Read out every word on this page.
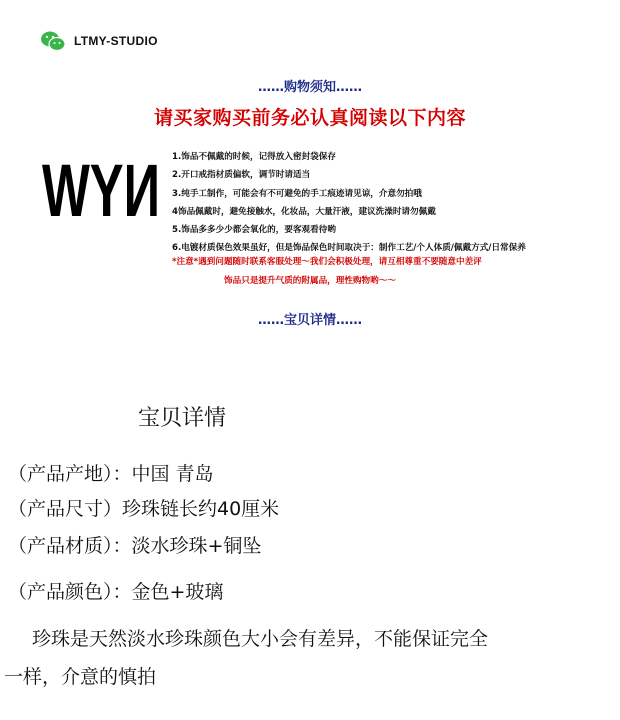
LTMY-STUDIO
……购物须知……
请买家购买前务必认真阅读以下内容
WYИ 1.饰品不佩戴的时候，记得放入密封袋保存
2.开口戒指材质偏软，调节时请适当
3.纯手工制作，可能会有不可避免的手工痕迹请见谅，介意勿拍哦
4饰品佩戴时，避免接触水，化妆品，大量汗液，建议洗澡时请勿佩戴
5.饰品多多少少都会氧化的，要客观看待哟
6.电镀材质保色效果虽好，但是饰品保色时间取决于：制作工艺/个人体质/佩戴方式/日常保养
*注意*遇到问题随时联系客服处理～我们会积极处理，请互相尊重不要随意中差评
饰品只是提升气质的附属品，理性购物哟～～
……宝贝详情……
宝贝详情
（产品产地）：中国 青岛
（产品尺寸）珍珠链长约40厘米
（产品材质）：淡水珍珠+铜坠
（产品颜色）：金色+玻璃
珍珠是天然淡水珍珠颜色大小会有差异，不能保证完全
一样，介意的慎拍
